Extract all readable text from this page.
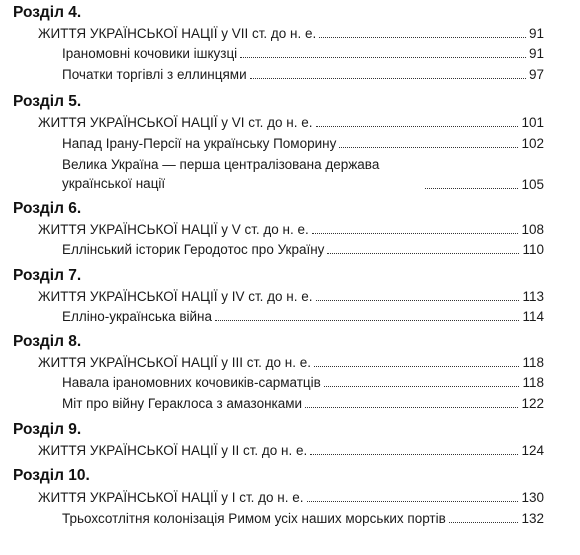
Розділ 4.
ЖИТТЯ УКРАЇНСЬКОЇ НАЦІЇ у VII ст. до н. е.	91
Іраномовні кочовики ішкузці	91
Початки торгівлі з еллинцями	97
Розділ 5.
ЖИТТЯ УКРАЇНСЬКОЇ НАЦІЇ у VI ст. до н. е.	101
Напад Ірану-Персії на українську Поморину	102
Велика Україна — перша централізована держава української нації	105
Розділ 6.
ЖИТТЯ УКРАЇНСЬКОЇ НАЦІЇ у V ст. до н. е.	108
Еллінський історик Геродотос про Україну	110
Розділ 7.
ЖИТТЯ УКРАЇНСЬКОЇ НАЦІЇ у IV ст. до н. е.	113
Елліно-українська війна	114
Розділ 8.
ЖИТТЯ УКРАЇНСЬКОЇ НАЦІЇ у III ст. до н. е.	118
Навала іраномовних кочовиків-сарматців	118
Міт про війну Гераклоса з амазонками	122
Розділ 9.
ЖИТТЯ УКРАЇНСЬКОЇ НАЦІЇ у II ст. до н. е.	124
Розділ 10.
ЖИТТЯ УКРАЇНСЬКОЇ НАЦІЇ у І ст. до н. е.	130
Трьохсотлітня колонізація Римом усіх наших морських портів	132
